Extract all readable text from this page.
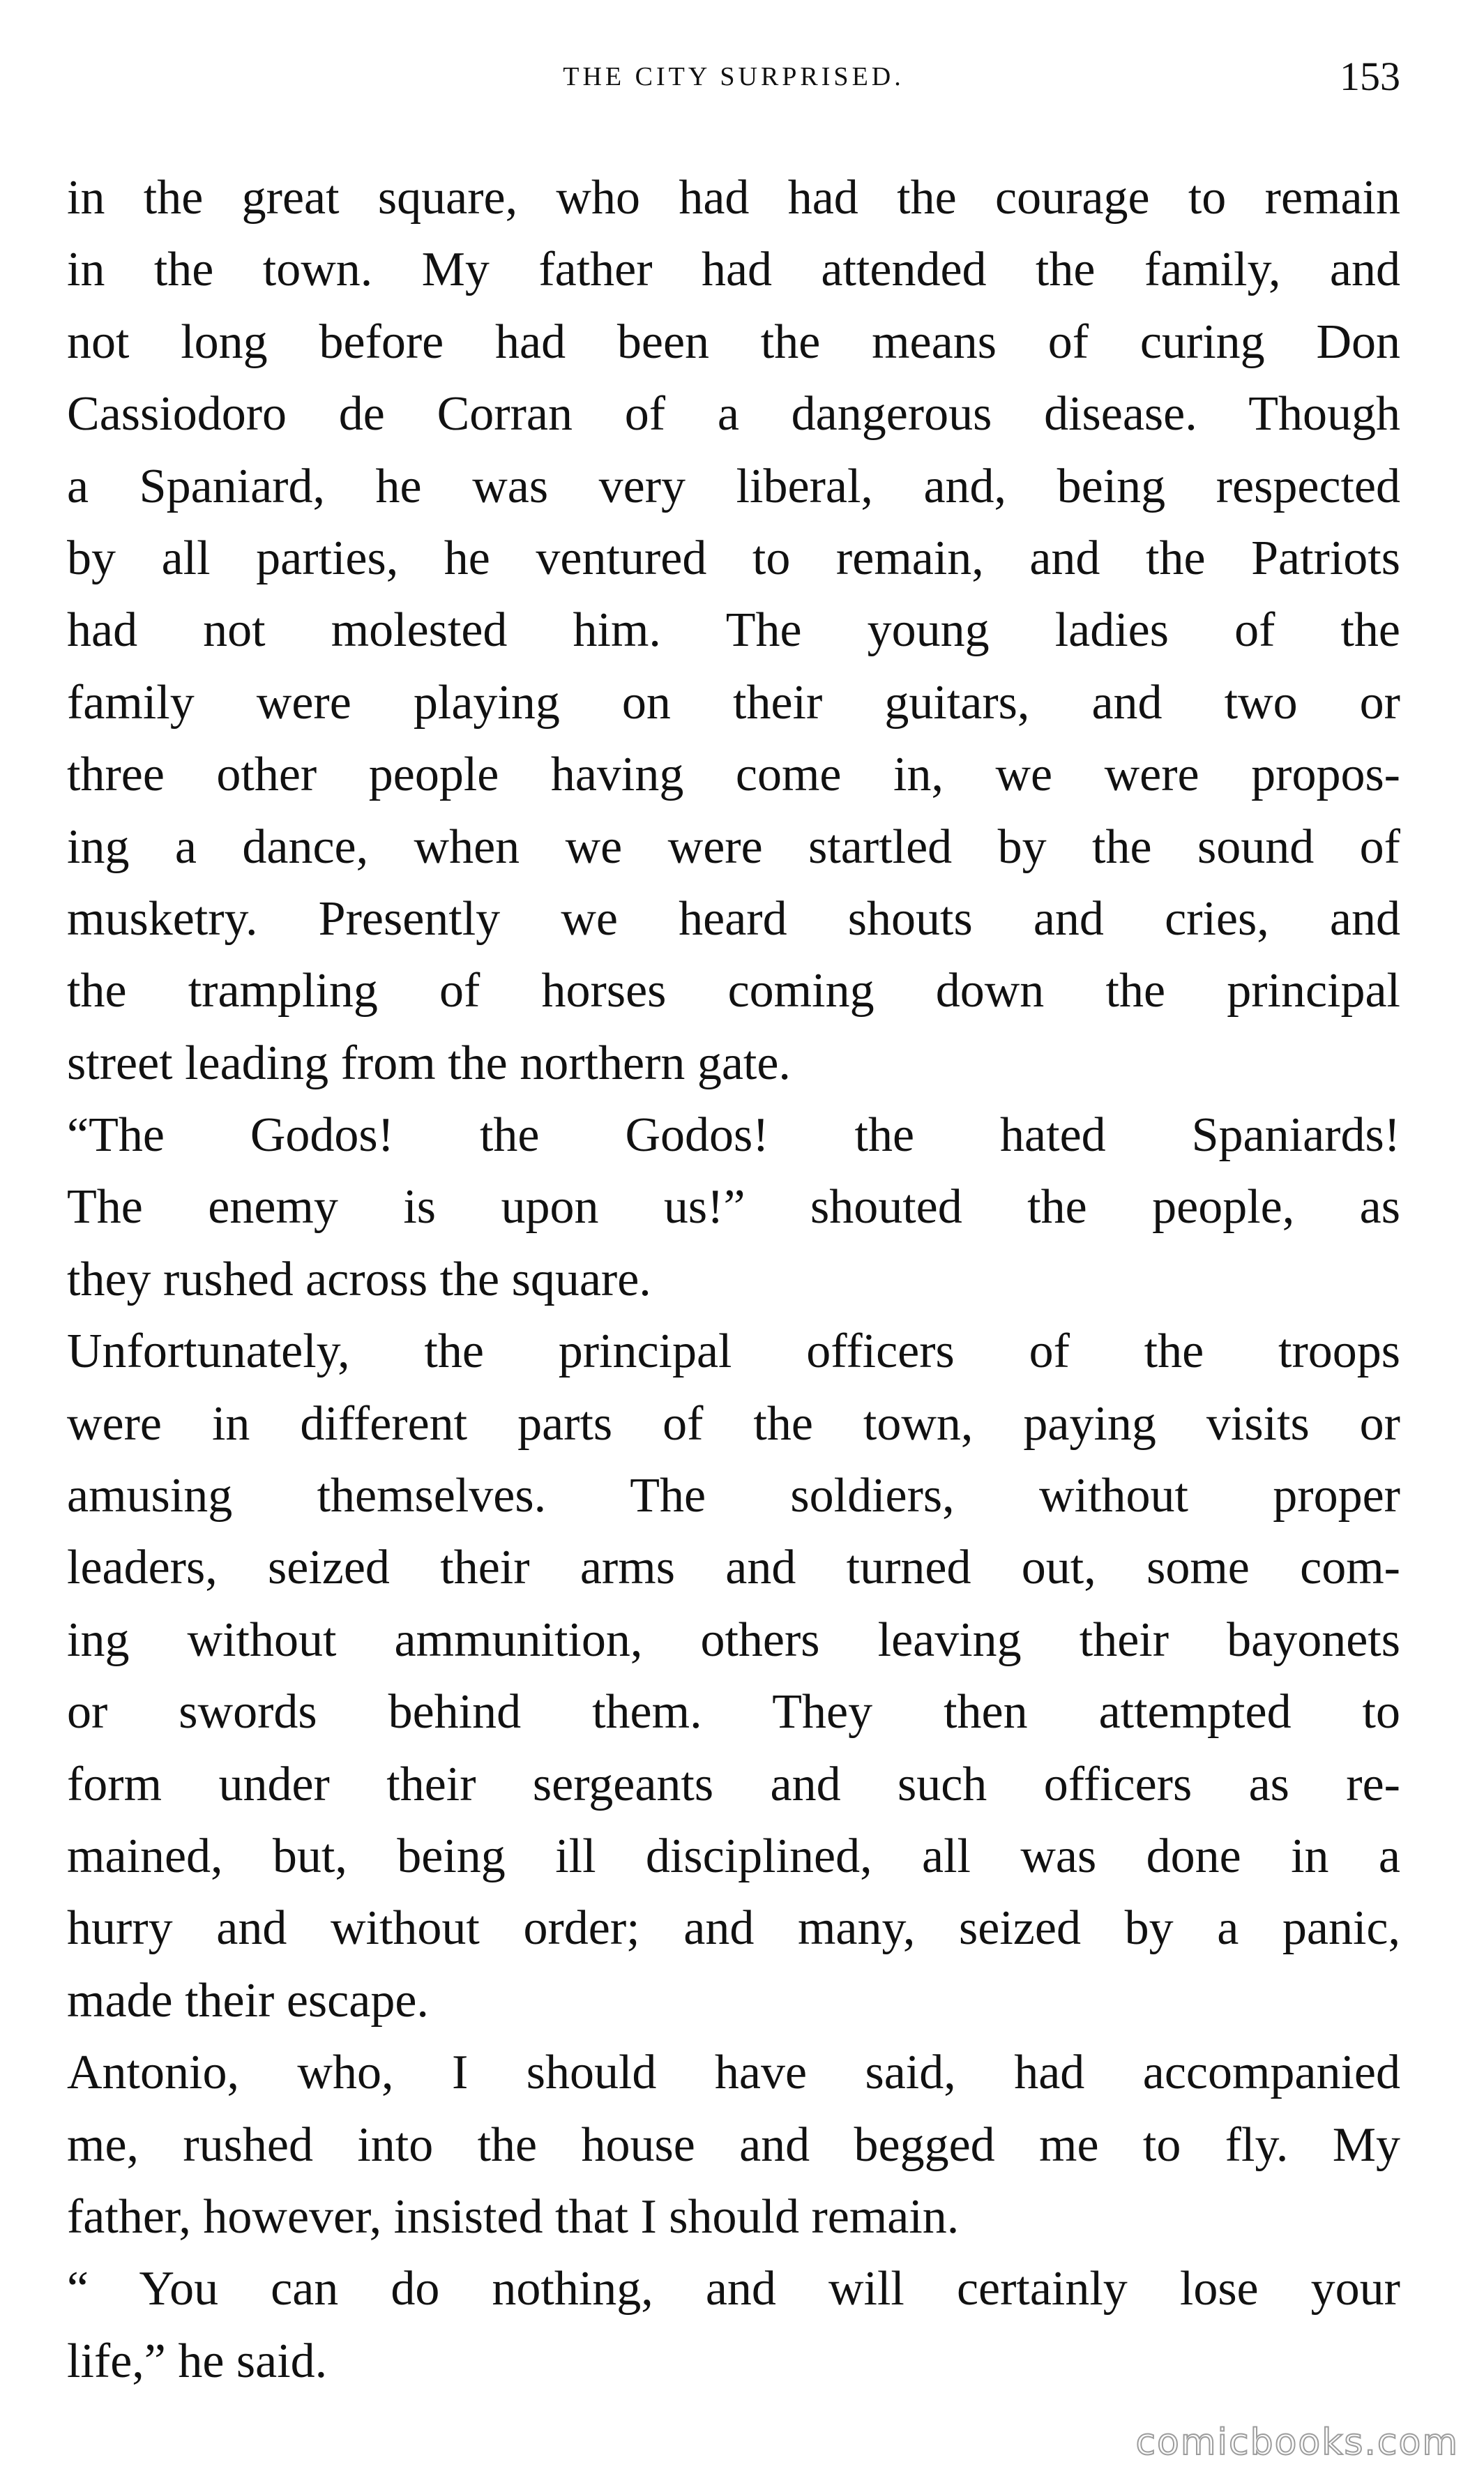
THE CITY SURPRISED.	153
in the great square, who had had the courage to remain
in the town. My father had attended the family, and
not long before had been the means of curing Don
Cassiodoro de Corran of a dangerous disease. Though
a Spaniard, he was very liberal, and, being respected
by all parties, he ventured to remain, and the Patriots
had not molested him. The young ladies of the
family were playing on their guitars, and two or
three other people having come in, we were propos-
ing a dance, when we were startled by the sound of
musketry. Presently we heard shouts and cries, and
the trampling of horses coming down the principal
street leading from the northern gate.
“The Godos! the Godos! the hated Spaniards!
The enemy is upon us!” shouted the people, as
they rushed across the square.
Unfortunately, the principal officers of the troops
were in different parts of the town, paying visits or
amusing themselves. The soldiers, without proper
leaders, seized their arms and turned out, some com-
ing without ammunition, others leaving their bayonets
or swords behind them. They then attempted to
form under their sergeants and such officers as re-
mained, but, being ill disciplined, all was done in a
hurry and without order; and many, seized by a panic,
made their escape.
Antonio, who, I should have said, had accompanied
me, rushed into the house and begged me to fly. My
father, however, insisted that I should remain.
“ You can do nothing, and will certainly lose your
life,” he said.
comicbooks.com
